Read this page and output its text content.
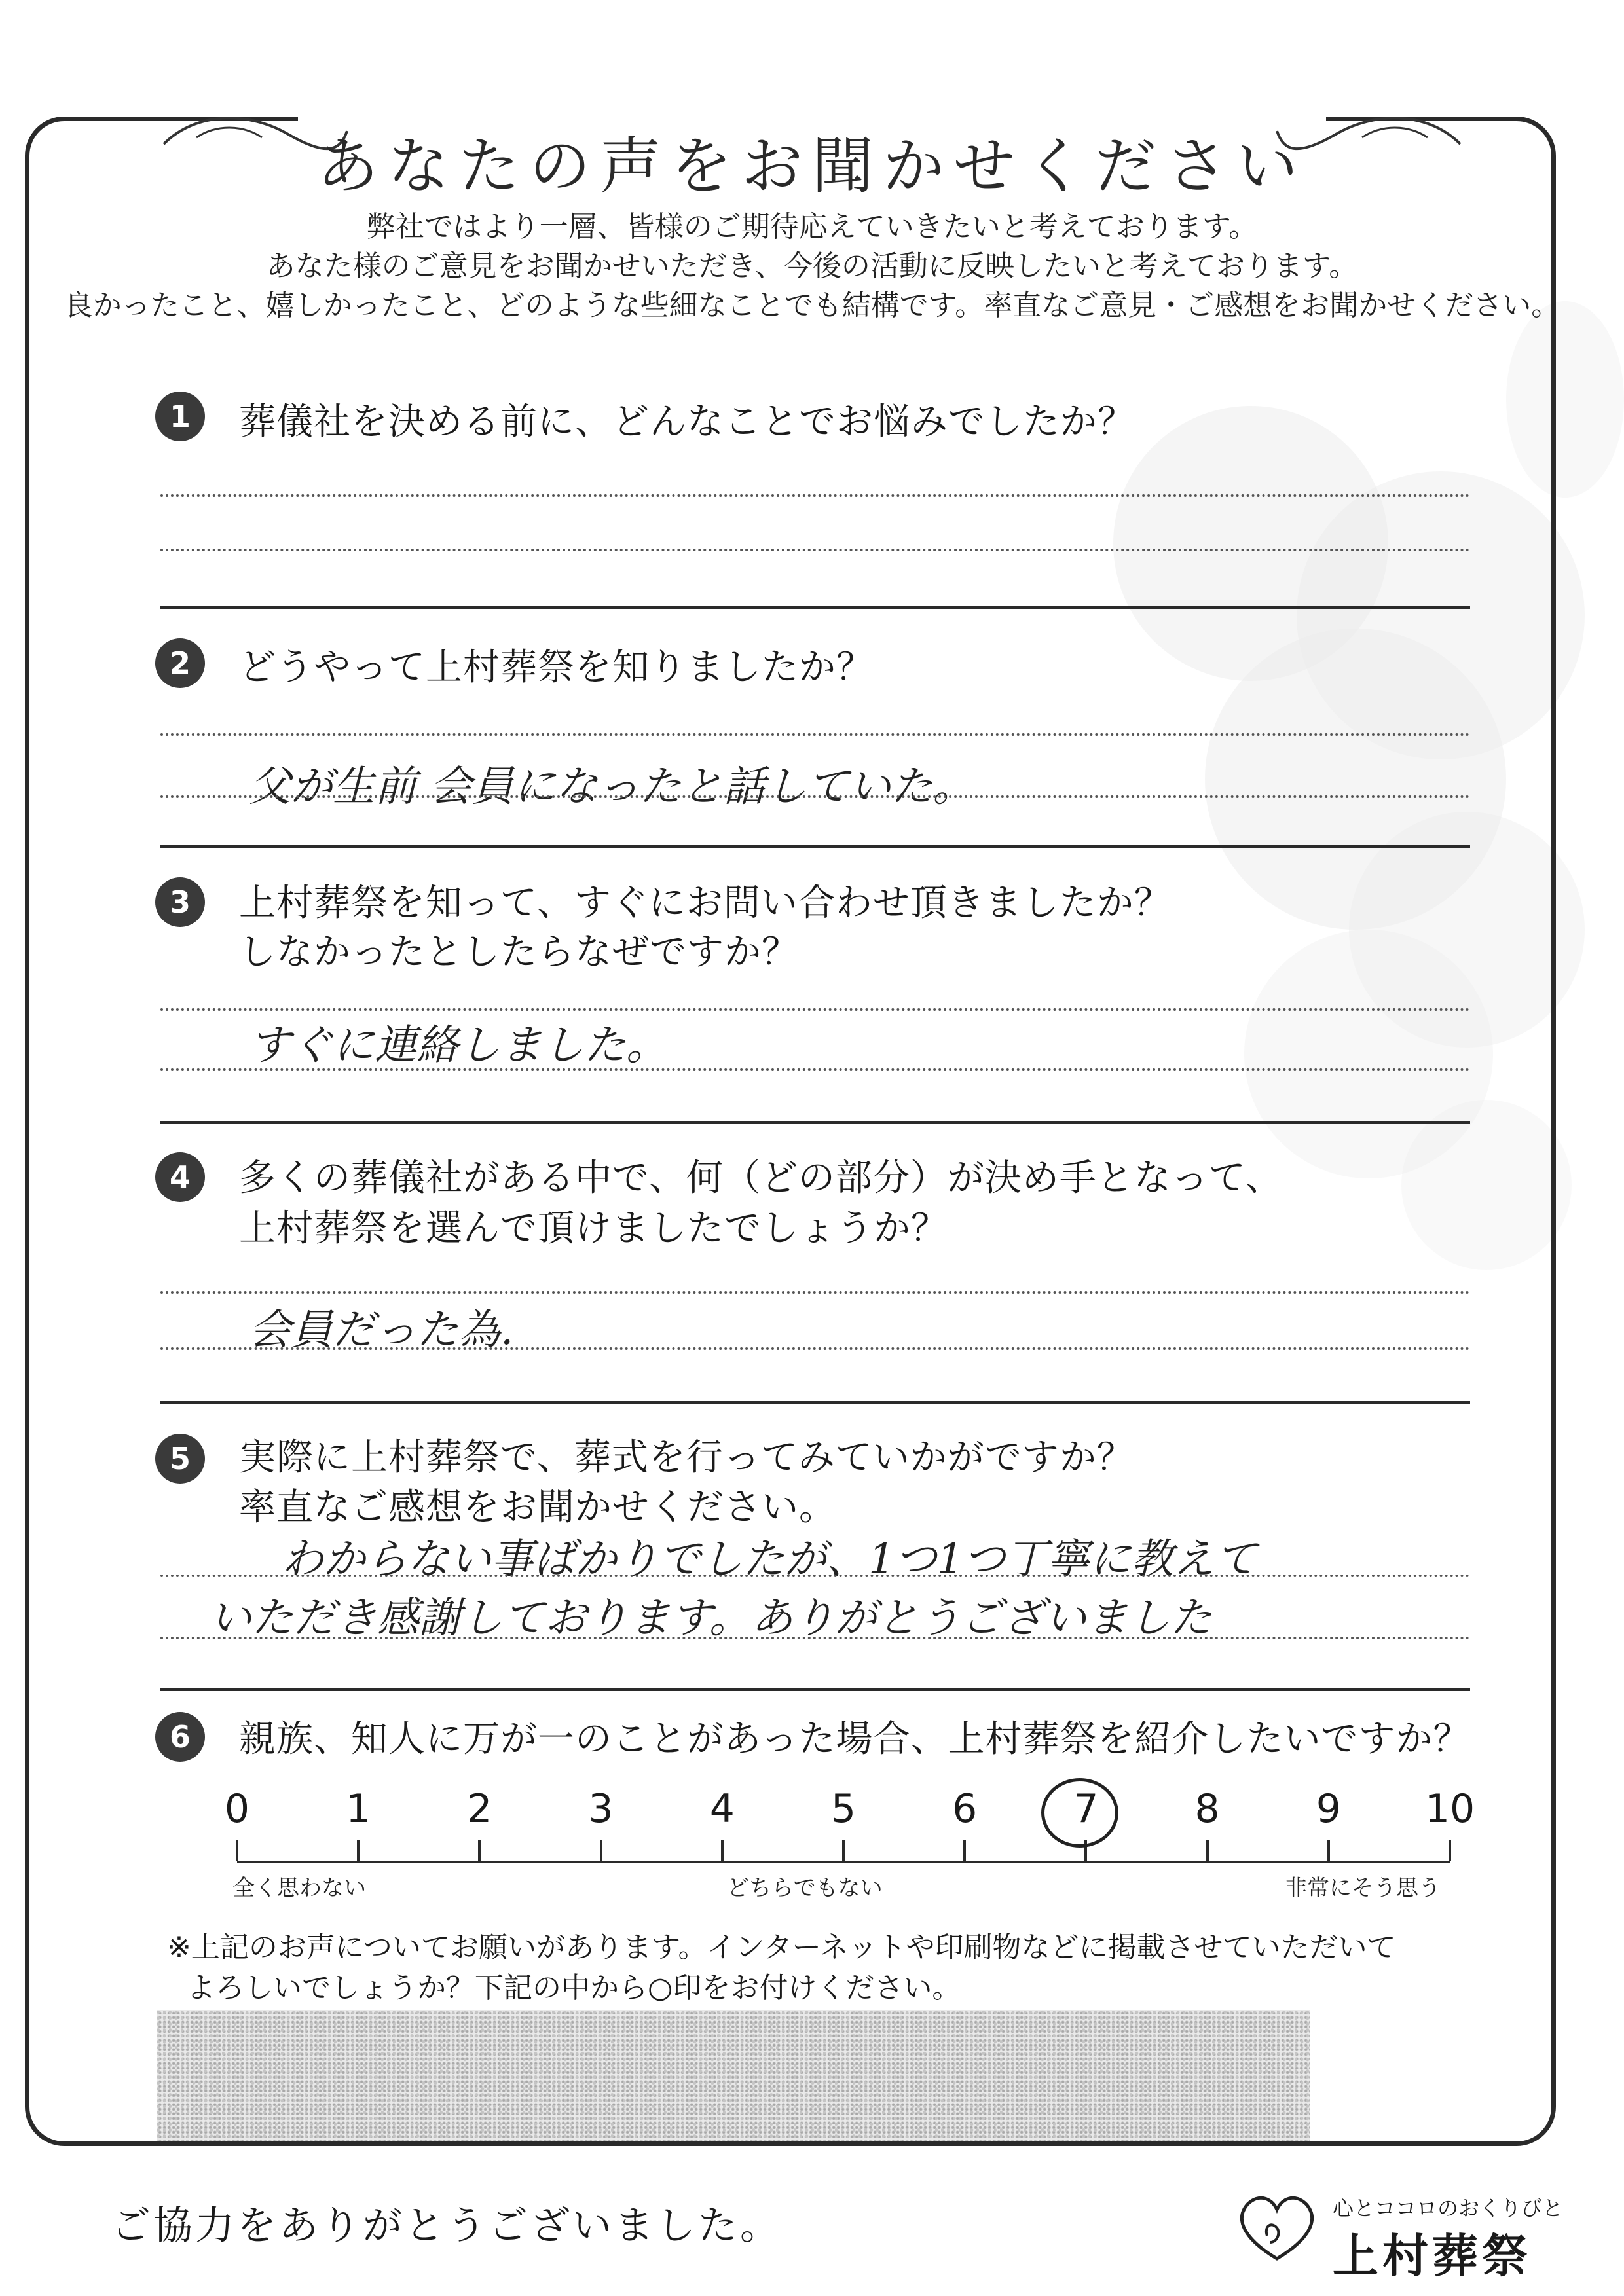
あなたの声をお聞かせください
弊社ではより一層、皆様のご期待応えていきたいと考えております。
あなた様のご意見をお聞かせいただき、今後の活動に反映したいと考えております。
良かったこと、嬉しかったこと、どのような些細なことでも結構です。率直なご意見・ご感想をお聞かせください。
1	葬儀社を決める前に、どんなことでお悩みでしたか？
2	どうやって上村葬祭を知りましたか？
父が生前 会員になったと話していた。
3	上村葬祭を知って、すぐにお問い合わせ頂きましたか？
しなかったとしたらなぜですか？
すぐに連絡しました。
4	多くの葬儀社がある中で、何（どの部分）が決め手となって、
上村葬祭を選んで頂けましたでしょうか？
会員だった為.
5	実際に上村葬祭で、葬式を行ってみていかがですか？
率直なご感想をお聞かせください。
わからない事ばかりでしたが、1つ1つ丁寧に教えて
いただき感謝しております。ありがとうございました
6	親族、知人に万が一のことがあった場合、上村葬祭を紹介したいですか？
0	1	2	3	4	5	6	7	8	9	10
全く思わない	どちらでもない	非常にそう思う
※上記のお声についてお願いがあります。インターネットや印刷物などに掲載させていただいて
よろしいでしょうか？下記の中から○印をお付けください。
ご協力をありがとうございました。	心とココロのおくりびと
上村葬祭
